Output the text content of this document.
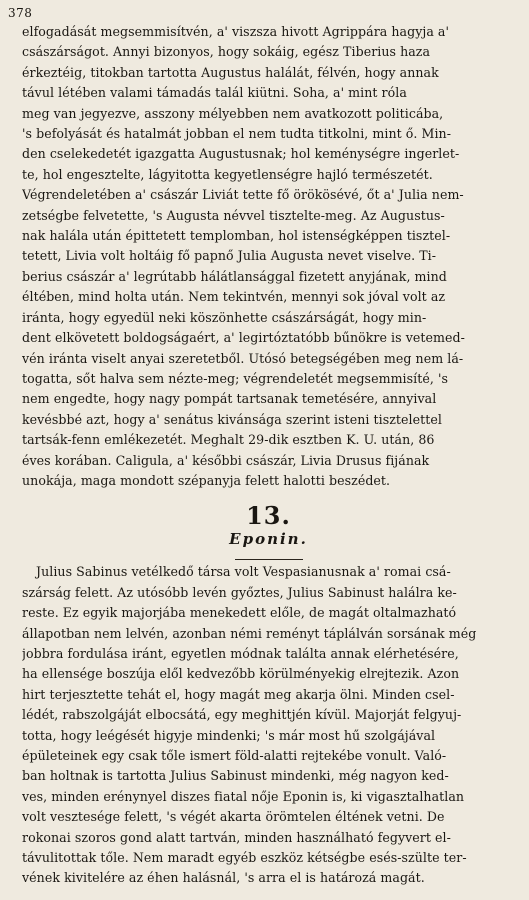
378
elfogadását megsemmisítvén, a' viszsza hivott Agrippára hagyja a'
császárságot. Annyi bizonyos, hogy sokáig, egész Tiberius haza
érkeztéig, titokban tartotta Augustus halálát, félvén, hogy annak
távul létében valami támadás talál kiütni. Soha, a' mint róla
meg van jegyezve, asszony mélyebben nem avatkozott politicába,
's befolyását és hatalmát jobban el nem tudta titkolni, mint ő. Min-
den cselekedetét igazgatta Augustusnak; hol keménységre ingerlet-
te, hol engesztelte, lágyitotta kegyetlenségre hajló természetét.
Végrendeletében a' császár Liviát tette fő örökösévé, őt a' Julia nem-
zetségbe felvetette, 's Augusta névvel tisztelte-meg. Az Augustus-
nak halála után épittetett templomban, hol istenségképpen tisztel-
tetett, Livia volt holtáig fő papnő Julia Augusta nevet viselve. Ti-
berius császár a' legrútabb hálátlansággal fizetett anyjának, mind
éltében, mind holta után. Nem tekintvén, mennyi sok jóval volt az
iránta, hogy egyedül neki köszönhette császárságát, hogy min-
dent elkövetett boldogságaért, a' legirtóztatóbb bűnökre is vetemed-
vén iránta viselt anyai szeretetből. Utósó betegségében meg nem lá-
togatta, sőt halva sem nézte-meg; végrendeletét megsemmisíté, 's
nem engedte, hogy nagy pompát tartsanak temetésére, annyival
kevésbbé azt, hogy a' senátus kivánsága szerint isteni tisztelettel
tartsák-fenn emlékezetét. Meghalt 29-dik esztben K. U. után, 86
éves korában. Caligula, a' későbbi császár, Livia Drusus fijának
unokája, maga mondott szépanyja felett halotti beszédet.
13.
Eponin.
Julius Sabinus vetélkedő társa volt Vespasianusnak a' romai csá-
szárság felett. Az utósóbb levén győztes, Julius Sabinust halálra ke-
reste. Ez egyik majorjába menekedett előle, de magát oltalmazható
állapotban nem lelvén, azonban némi reményt táplálván sorsának még
jobbra fordulása iránt, egyetlen módnak találta annak elérhetésére,
ha ellensége boszúja elől kedvezőbb körülményekig elrejtezik. Azon
hirt terjesztette tehát el, hogy magát meg akarja ölni. Minden csel-
lédét, rabszolgáját elbocsátá, egy meghittjén kívül. Majorját felgyuj-
totta, hogy leégését higyje mindenki; 's már most hű szolgájával
épületeinek egy csak tőle ismert föld-alatti rejtekébe vonult. Való-
ban holtnak is tartotta Julius Sabinust mindenki, még nagyon ked-
ves, minden erénynyel diszes fiatal nője Eponin is, ki vigasztalhatlan
volt vesztesége felett, 's végét akarta örömtelen éltének vetni. De
rokonai szoros gond alatt tartván, minden használható fegyvert el-
távulitottak tőle. Nem maradt egyéb eszköz kétségbe esés-szülte ter-
vének kivitelére az éhen halásnál, 's arra el is határozá magát.
